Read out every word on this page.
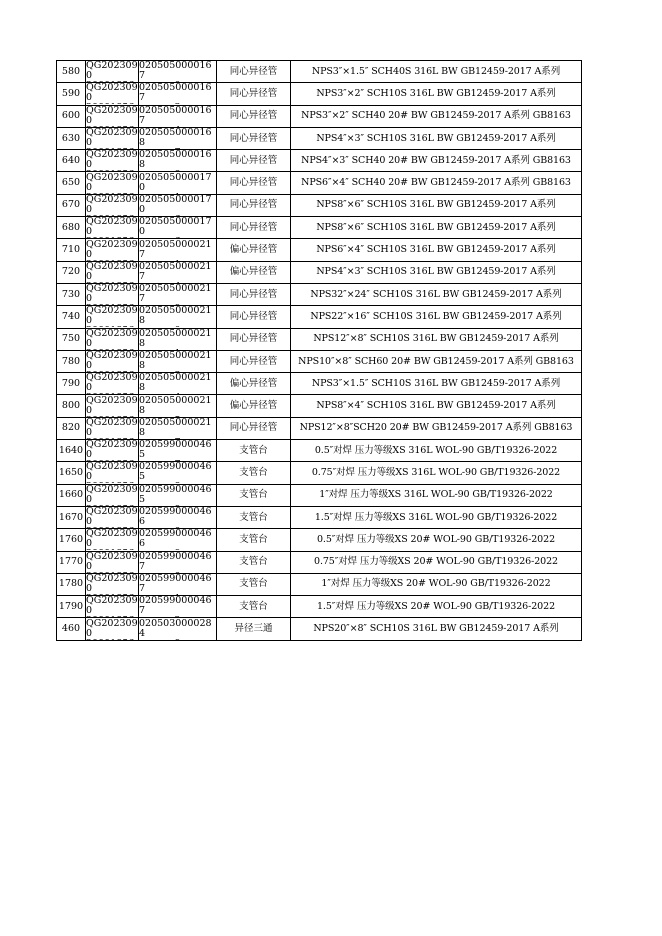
580	QG2023090	0205050000167	同心异径管	NPS3″×1.5″ SCH40S 316L BW GB12459-2017 A系列
590	QG2023090	0205050000167	同心异径管	NPS3″×2″ SCH10S 316L BW GB12459-2017 A系列
600	QG2023090	0205050000167	同心异径管	NPS3″×2″ SCH40 20# BW GB12459-2017 A系列 GB8163
630	QG2023090	0205050000168	同心异径管	NPS4″×3″ SCH10S 316L BW GB12459-2017 A系列
640	QG2023090	0205050000168	同心异径管	NPS4″×3″ SCH40 20# BW GB12459-2017 A系列 GB8163
650	QG2023090	0205050000170	同心异径管	NPS6″×4″ SCH40 20# BW GB12459-2017 A系列 GB8163
670	QG2023090	0205050000170	同心异径管	NPS8″×6″ SCH10S 316L BW GB12459-2017 A系列
680	QG2023090	0205050000170	同心异径管	NPS8″×6″ SCH10S 316L BW GB12459-2017 A系列
710	QG2023090	0205050000217	偏心异径管	NPS6″×4″ SCH10S 316L BW GB12459-2017 A系列
720	QG2023090	0205050000217	偏心异径管	NPS4″×3″ SCH10S 316L BW GB12459-2017 A系列
730	QG2023090	0205050000217	同心异径管	NPS32″×24″ SCH10S 316L BW GB12459-2017 A系列
740	QG2023090	0205050000218	同心异径管	NPS22″×16″ SCH10S 316L BW GB12459-2017 A系列
750	QG2023090	0205050000218	同心异径管	NPS12″×8″ SCH10S 316L BW GB12459-2017 A系列
780	QG2023090	0205050000218	同心异径管	NPS10″×8″ SCH60 20# BW GB12459-2017 A系列 GB8163
790	QG2023090	0205050000218	偏心异径管	NPS3″×1.5″ SCH10S 316L BW GB12459-2017 A系列
800	QG2023090	0205050000218	偏心异径管	NPS8″×4″ SCH10S 316L BW GB12459-2017 A系列
820	QG2023090	0205050000218	同心异径管	NPS12″×8″SCH20 20# BW GB12459-2017 A系列 GB8163
1640	QG2023090	0205990000465	支管台	0.5″对焊 压力等级XS 316L WOL-90 GB/T19326-2022
1650	QG2023090	0205990000465	支管台	0.75″对焊 压力等级XS 316L WOL-90 GB/T19326-2022
1660	QG2023090	0205990000465	支管台	1″对焊 压力等级XS 316L WOL-90 GB/T19326-2022
1670	QG2023090	0205990000466	支管台	1.5″对焊 压力等级XS 316L WOL-90 GB/T19326-2022
1760	QG2023090	0205990000466	支管台	0.5″对焊 压力等级XS 20# WOL-90 GB/T19326-2022
1770	QG2023090	0205990000467	支管台	0.75″对焊 压力等级XS 20# WOL-90 GB/T19326-2022
1780	QG2023090	0205990000467	支管台	1″对焊 压力等级XS 20# WOL-90 GB/T19326-2022
1790	QG2023090	0205990000467	支管台	1.5″对焊 压力等级XS 20# WOL-90 GB/T19326-2022
460	QG2023090	0205030000284	异径三通	NPS20″×8″ SCH10S 316L BW GB12459-2017 A系列
